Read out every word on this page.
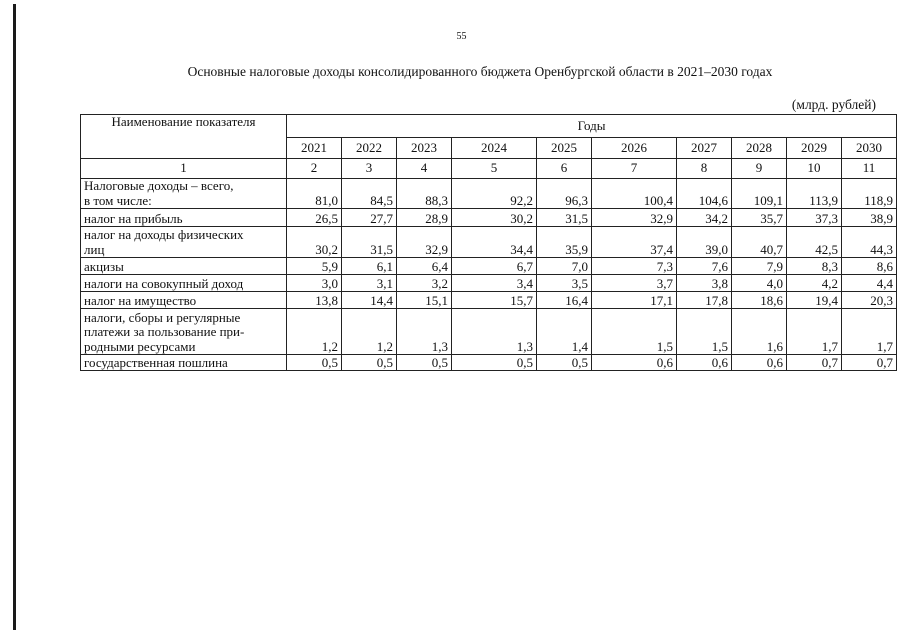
55
Основные налоговые доходы консолидированного бюджета Оренбургской области в 2021–2030 годах
(млрд. рублей)
Наименование показателя	Годы									
	2021	2022	2023	2024	2025	2026	2027	2028	2029	2030
1	2	3	4	5	6	7	8	9	10	11
Налоговые доходы – всего,
в том числе:	81,0	84,5	88,3	92,2	96,3	100,4	104,6	109,1	113,9	118,9
налог на прибыль	26,5	27,7	28,9	30,2	31,5	32,9	34,2	35,7	37,3	38,9
налог на доходы физических
лиц	30,2	31,5	32,9	34,4	35,9	37,4	39,0	40,7	42,5	44,3
акцизы	5,9	6,1	6,4	6,7	7,0	7,3	7,6	7,9	8,3	8,6
налоги на совокупный доход	3,0	3,1	3,2	3,4	3,5	3,7	3,8	4,0	4,2	4,4
налог на имущество	13,8	14,4	15,1	15,7	16,4	17,1	17,8	18,6	19,4	20,3
налоги, сборы и регулярные
платежи за пользование при-
родными ресурсами	1,2	1,2	1,3	1,3	1,4	1,5	1,5	1,6	1,7	1,7
государственная пошлина	0,5	0,5	0,5	0,5	0,5	0,6	0,6	0,6	0,7	0,7
